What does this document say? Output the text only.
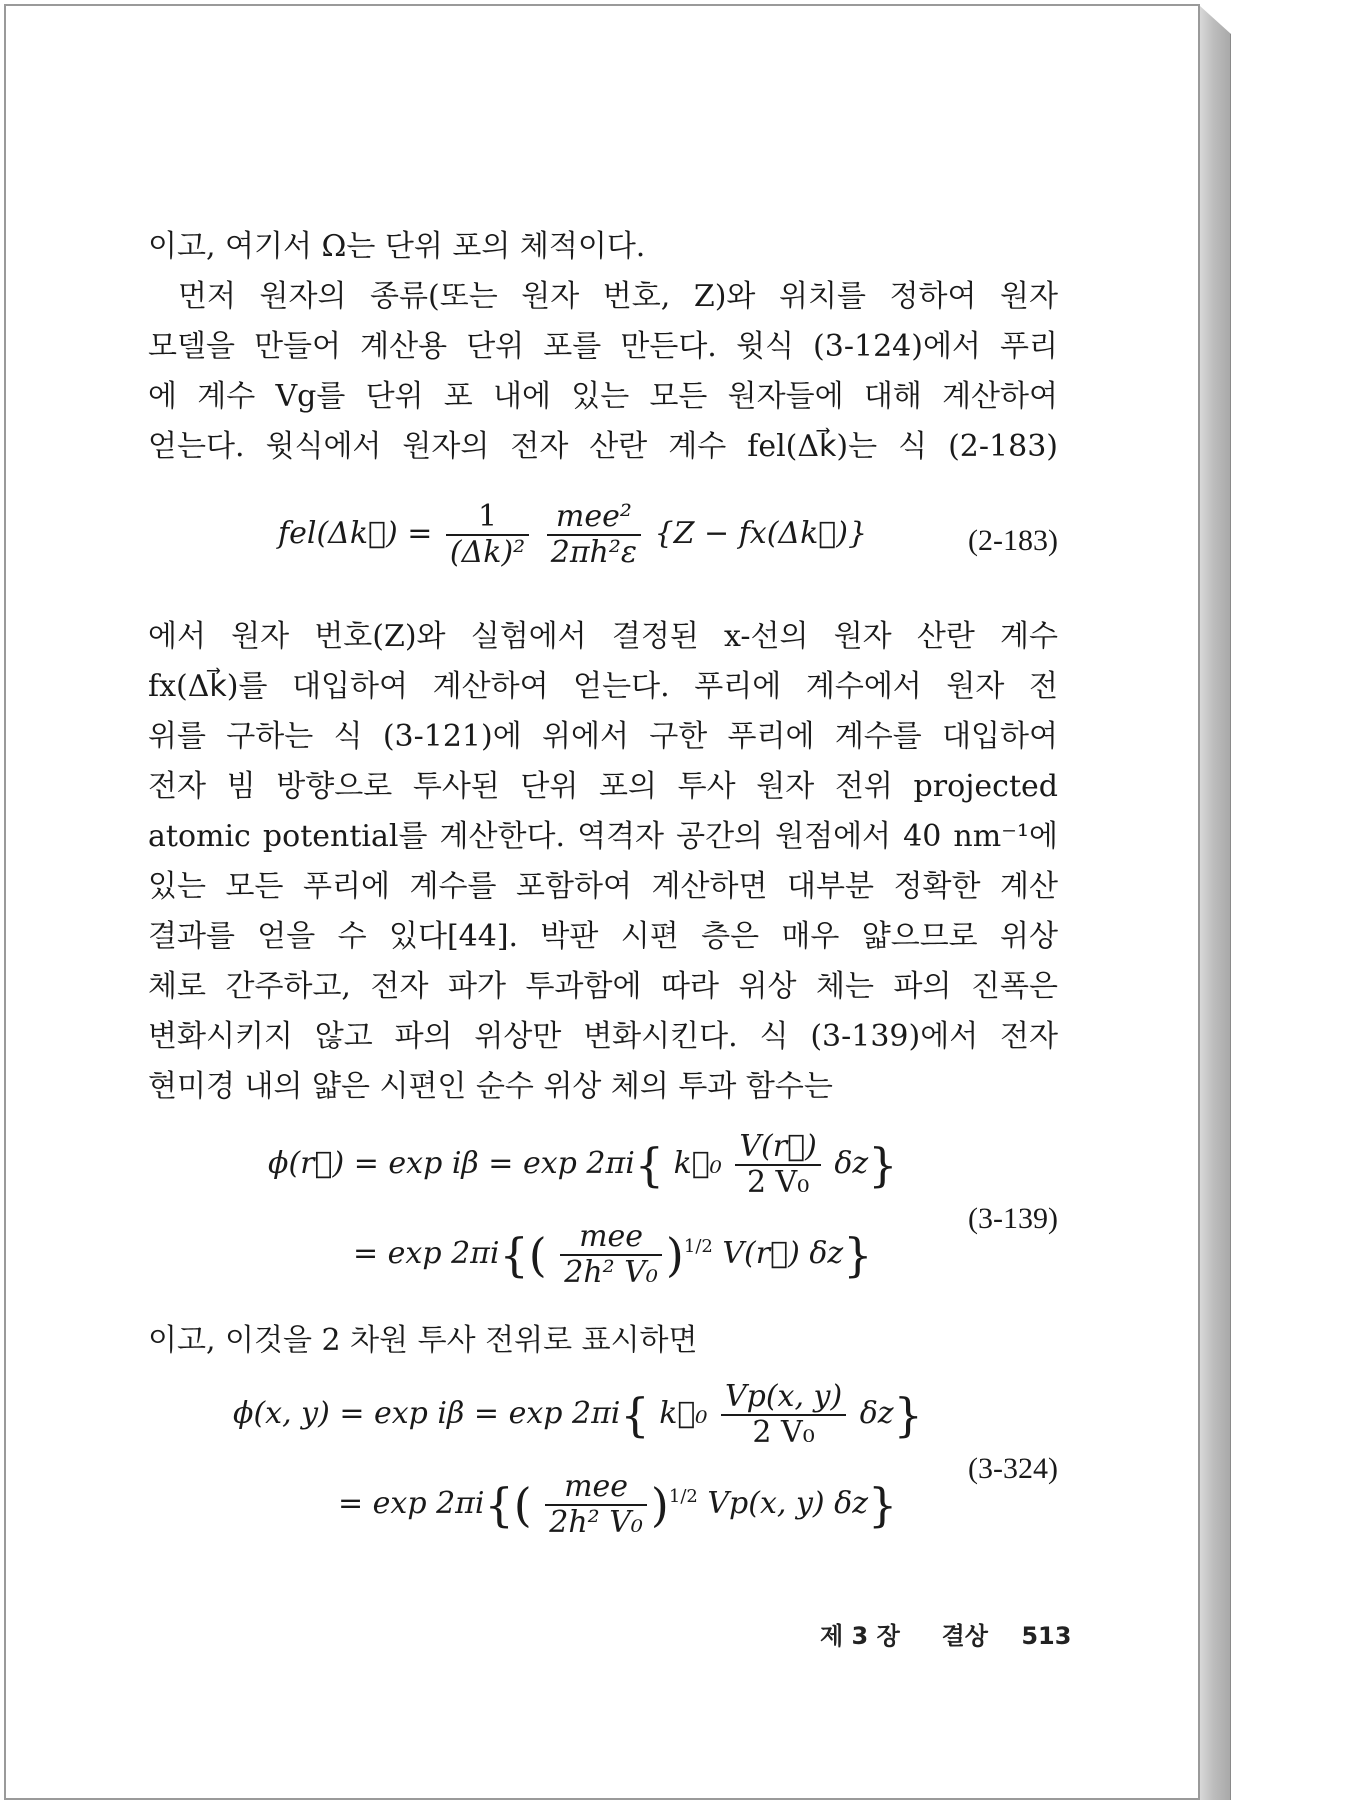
이고, 여기서 Ω는 단위 포의 체적이다.

먼저 원자의 종류(또는 원자 번호, Z)와 위치를 정하여 원자

모델을 만들어 계산용 단위 포를 만든다. 윗식 (3-124)에서 푸리

에 계수 Vg를 단위 포 내에 있는 모든 원자들에 대해 계산하여

얻는다. 윗식에서 원자의 전자 산란 계수 fel(Δk⃗)는 식 (2-183)

fel(Δk⃗) = $\frac{1}{\text{(Δk)²}}$
$\frac{\text{mee²}}{\text{2πh²ε}} \{Z$ − fx(Δk⃗)}	(2-183)

에서 원자 번호(Z)와 실험에서 결정된 x-선의 원자 산란 계수

fx(Δk⃗)를 대입하여 계산하여 얻는다. 푸리에 계수에서 원자 전

위를 구하는 식 (3-121)에 위에서 구한 푸리에 계수를 대입하여

전자 빔 방향으로 투사된 단위 포의 투사 원자 전위 projected

atomic potential를 계산한다. 역격자 공간의 원점에서 40 nm⁻¹에

있는 모든 푸리에 계수를 포함하여 계산하면 대부분 정확한 계산

결과를 얻을 수 있다[44]. 박판 시편 층은 매우 얇으므로 위상

체로 간주하고, 전자 파가 투과함에 따라 위상 체는 파의 진폭은

변화시키지 않고 파의 위상만 변화시킨다. 식 (3-139)에서 전자

현미경 내의 얇은 시편인 순수 위상 체의 투과 함수는

ϕ(r⃗) = exp iβ = exp 2πi{ k⃗₀ $\frac{V(r⃗)}{\text{2 V₀}} \delta z$}
= $\exp 2\pi i\{( \frac{\text{mee}}{\text{2h² V₀}} )^{1/2}$ V(r⃗) δz}
(3-139)

이고, 이것을 2 차원 투사 전위로 표시하면

ϕ(x, y) = exp iβ = exp 2πi{ k⃗₀ $\frac{Vp(x, y)}{\text{2 V₀}} \delta z$}
= $\exp 2\pi i\{( \frac{\text{mee}}{\text{2h² V₀}} )^{1/2}$ Vp(x, y) δz}
(3-324)
제 3 장 결상 513
